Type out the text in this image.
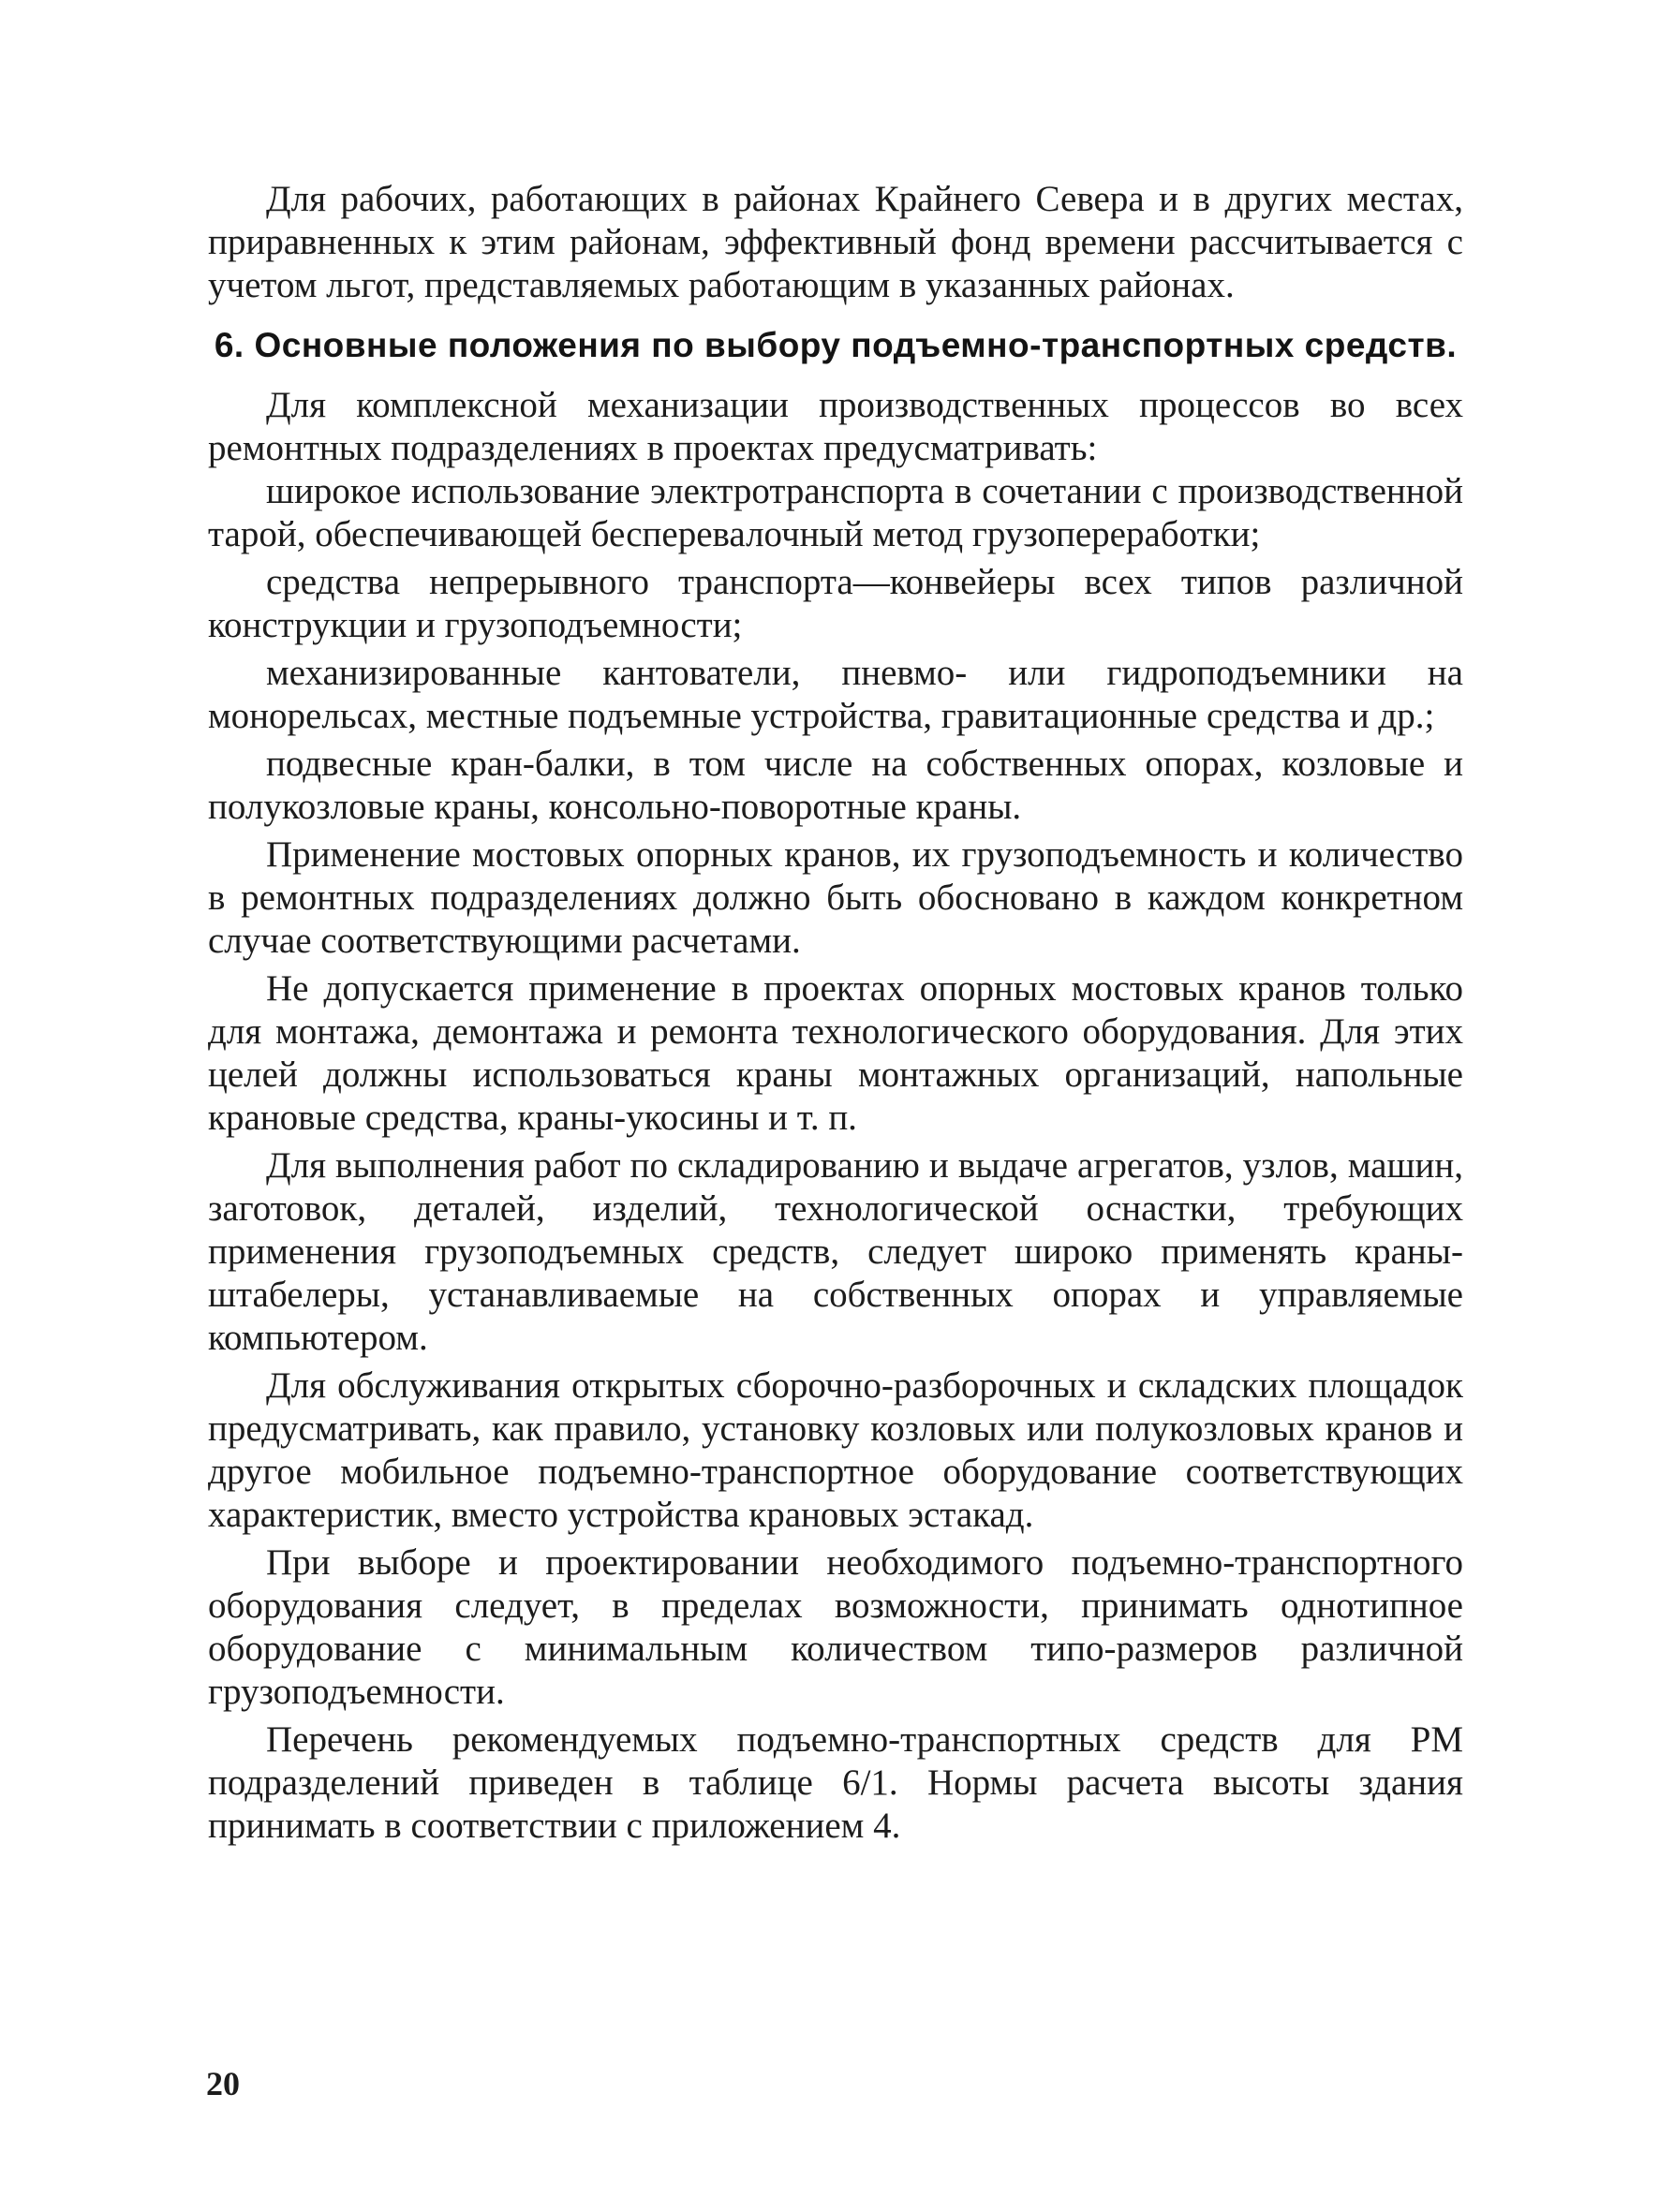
Для рабочих, работающих в районах Крайнего Севера и в других местах, приравненных к этим районам, эффективный фонд времени рассчитывается с учетом льгот, представляемых работающим в указанных районах.

6. Основные положения по выбору подъемно-транспортных средств.

Для комплексной механизации производственных процессов во всех ремонтных подразделениях в проектах предусматривать:

широкое использование электротранспорта в сочетании с производственной тарой, обеспечивающей бесперевалочный метод грузопереработки;

средства непрерывного транспорта—конвейеры всех типов различной конструкции и грузоподъемности;

механизированные кантователи, пневмо- или гидроподъемники на монорельсах, местные подъемные устройства, гравитационные средства и др.;

подвесные кран-балки, в том числе на собственных опорах, козловые и полукозловые краны, консольно-поворотные краны.

Применение мостовых опорных кранов, их грузоподъемность и количество в ремонтных подразделениях должно быть обосновано в каждом конкретном случае соответствующими расчетами.

Не допускается применение в проектах опорных мостовых кранов только для монтажа, демонтажа и ремонта технологического оборудования. Для этих целей должны использоваться краны монтажных организаций, напольные крановые средства, краны-укосины и т. п.

Для выполнения работ по складированию и выдаче агрегатов, узлов, машин, заготовок, деталей, изделий, технологической оснастки, требующих применения грузоподъемных средств, следует широко применять краны-штабелеры, устанавливаемые на собственных опорах и управляемые компьютером.

Для обслуживания открытых сборочно-разборочных и складских площадок предусматривать, как правило, установку козловых или полукозловых кранов и другое мобильное подъемно-транспортное оборудование соответствующих характеристик, вместо устройства крановых эстакад.

При выборе и проектировании необходимого подъемно-транспортного оборудования следует, в пределах возможности, принимать однотипное оборудование с минимальным количеством типо-размеров различной грузоподъемности.

Перечень рекомендуемых подъемно-транспортных средств для РМ подразделений приведен в таблице 6/1. Нормы расчета высоты здания принимать в соответствии с приложением 4.

20
